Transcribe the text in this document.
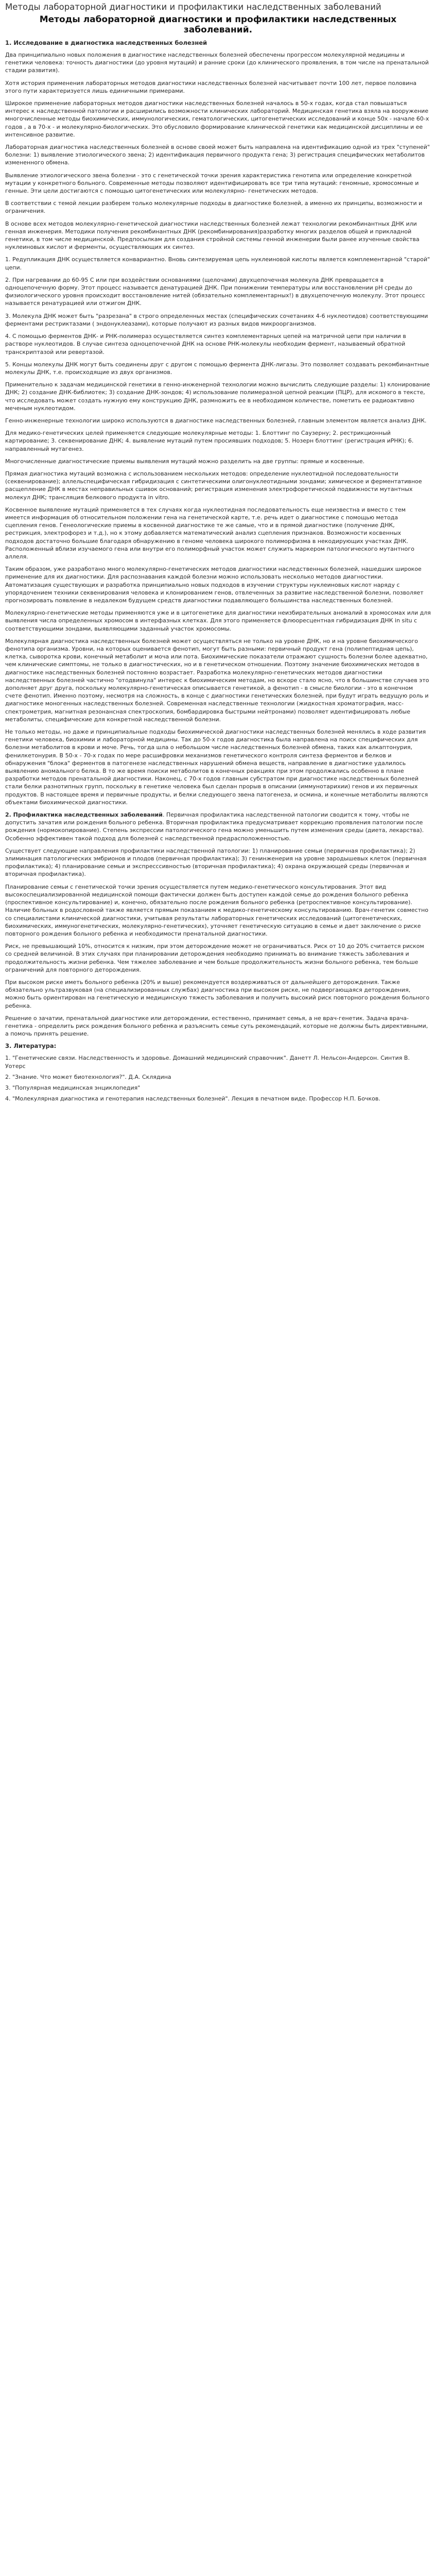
Методы лабораторной диагностики и профилактики наследственных заболеваний
Методы лабораторной диагностики и профилактики наследственных заболеваний.
1. Исследование в диагностика наследственных болезней

Два принципиально новых положения в диагностике наследственных болезней обеспечены прогрессом молекулярной медицины и генетики человека: точность диагностики (до уровня мутаций) и ранние сроки (до клинического проявления, в том числе на пренатальной стадии развития).

Хотя история применения лабораторных методов диагностики наследственных болезней насчитывает почти 100 лет, первое половина этого пути характеризуется лишь единичными примерами.

Широкое применение лабораторных методов диагностики наследственных болезней началось в 50-х годах, когда стал повышаться интерес к наследственной патологии и расширились возможности клинических лабораторий. Медицинская генетика взяла на вооружение многочисленные методы биохимических, иммунологических, гематологических, цитогенетических исследований и конце 50х - начале 60-х годов , а в 70-х - и молекулярно-биологических. Это обусловило формирование клинической генетики как медицинской дисциплины и ее интенсивное развитие.

Лабораторная диагностика наследственных болезней в основе своей может быть направлена на идентификацию одной из трех "ступеней" болезни: 1) выявление этиологического звена; 2) идентификация первичного продукта гена; 3) регистрация специфических метаболитов измененного обмена.

Выявление этиологического звена болезни - это с генетической точки зрения характеристика генотипа или определение конкретной мутации у конкретного больного. Современные методы позволяют идентифицировать все три типа мутаций: геномные, хромосомные и генные. Эти цели достигаются с помощью цитогенетических или молекулярно- генетических методов.

В соответствии с темой лекции разберем только молекулярные подходы в диагностике болезней, а именно их принципы, возможности и ограничения.

В основе всех методов молекулярно-генетической диагностики наследственных болезней лежат технологии рекомбинантных ДНК или генная инженерия. Методики получения рекомбинантных ДНК (рекомбинирования)разработку многих разделов общей и прикладной генетики, в том числе медицинской. Предпосылкам для создания стройной системы генной инженерии были ранее изученные свойства нуклеиновых кислот и ферменты, осуществляющих их синтез.

1. Редупликация ДНК осуществляется конвариантно. Вновь синтезируемая цепь нуклеиновой кислоты является комплементарной "старой" цепи.

2. При нагревании до 60-95 С или при воздействии основаниями (щелочами) двухцепочечная молекула ДНК превращается в одноцепочечную форму. Этот процесс называется денатурацией ДНК. При понижении температуры или восстановлении pH среды до физиологического уровня происходит восстановление нитей (обязательно комплементарных!) в двухцепочечную молекулу. Этот процесс называется ренатурацией или отжигом ДНК.

3. Молекула ДНК может быть "разрезана" в строго определенных местах (специфических сочетаниях 4-6 нуклеотидов) соответствующими ферментами рестриктазами ( эндонуклеазами), которые получают из разных видов микроорганизмов.

4. С помощью ферментов ДНК- и РНК-полимераз осуществляется синтез комплементарных цепей на матричной цепи при наличии в растворе нуклеотидов. В случае синтеза одноцепочечной ДНК на основе РНК-молекулы необходим фермент, называемый обратной транскриптазой или ревертазой.

5. Концы молекулы ДНК могут быть соединены друг с другом с помощью фермента ДНК-лигазы. Это позволяет создавать рекомбинантные молекулы ДНК, т.е. происходящие из двух организмов.

Применительно к задачам медицинской генетики в генно-инженерной технологии можно вычислить следующие разделы: 1) клонирование ДНК; 2) создание ДНК-библиотек; 3) создание ДНК-зондов; 4) использование полимеразной цепной реакции (ПЦР), для искомого в тексте, что исследовать может создать нужную ему конструкцию ДНК, размножить ее в необходимом количестве, пометить ее радиоактивно меченым нуклеотидом.

Генно-инженерные технологии широко используются в диагностике наследственных болезней, главным элементом является анализ ДНК.

Для медико-генетических целей применяется следующие молекулярные методы: 1. Блоттинг по Саузерну; 2. рестрикционный картирование; 3. секвенирование ДНК; 4. выявление мутаций путем просиявших подходов; 5. Нозерн блоттинг (регистрация иРНК); 6. направленный мутагенез.

Многочисленные диагностические приемы выявления мутаций можно разделить на две группы: прямые и косвенные.

Прямая диагностика мутаций возможна с использованием нескольких методов: определение нуклеотидной последовательности (секвенирование); аллельспецифическая гибридизация с синтетическими олигонуклеотидными зондами; химическое и ферментативное расщепление ДНК в местах неправильных сшивок оснований; регистрация изменения электрофоретической подвижности мутантных молекул ДНК; трансляция белкового продукта in vitro.

Косвенное выявление мутаций применяется в тех случаях когда нуклеотидная последовательность еще неизвестна и вместо с тем имеется информация об относительном положении гена на генетической карте, т.е. речь идет о диагностике с помощью метода сцепления генов. Генеологические приемы в косвенной диагностике те же самые, что и в прямой диагностике (получение ДНК, рестрикция, электрофорез и т.д.), но к этому добавляется математический анализ сцепления признаков. Возможности косвенных подходов достаточно большие благодаря обнаружению в геноме человека широкого полиморфизма в некодирующих участках ДНК. Расположенный вблизи изучаемого гена или внутри его полиморфный участок может служить маркером патологического мутантного аллеля.

Таким образом, уже разработано много молекулярно-генетических методов диагностики наследственных болезней, нашедших широкое применение для их диагностики. Для распознавания каждой болезни можно использовать несколько методов диагностики. Автоматизация существующих и разработка принципиально новых подходов в изучении структуры нуклеиновых кислот наряду с упорядочением техники секвенирования человека и клонированием генов, отвлеченных за развитие наследственной болезни, позволяет прогнозировать появление в недалеком будущем средств диагностики подавляющего большинства наследственных болезней.

Молекулярно-генетические методы применяются уже и в цитогенетике для диагностики неизбирательных аномалий в хромосомах или для выявления числа определенных хромосом в интерфазных клетках. Для этого применяется флюоресцентная гибридизация ДНК in situ с соответствующими зондами, выявляющими заданный участок хромосомы.

Молекулярная диагностика наследственных болезней может осуществляться не только на уровне ДНК, но и на уровне биохимического фенотипа организма. Уровни, на которых оценивается фенотип, могут быть разными: первичный продукт гена (полипептидная цепь), клетка, сыворотка крови, конечный метаболит и моча или пота. Биохимические показатели отражают сущность болезни более адекватно, чем клинические симптомы, не только в диагностических, но и в генетическом отношении. Поэтому значение биохимических методов в диагностике наследственных болезней постоянно возрастает. Разработка молекулярно-генетических методов диагностики наследственных болезней частично "отодвинула" интерес к биохимическим методам, но вскоре стало ясно, что в большинстве случаев это дополняет друг друга, поскольку молекулярно-генетическая описывается генетикой, а фенотип - в смысле биологии - это в конечном счете фенотип. Именно поэтому, несмотря на сложность, в конце с диагностики генетических болезней, при будут играть ведущую роль и диагностике моногенных наследственных болезней. Современная наследственные технологии (жидкостная хроматография, масс-спектрометрия, магнитная резонансная спектроскопия, бомбардировка быстрыми нейтронами) позволяет идентифицировать любые метаболиты, специфические для конкретной наследственной болезни.

Не только методы, но даже и принципиальные подходы биохимической диагностики наследственных болезней менялись в ходе развития генетики человека, биохимии и лабораторной медицины. Так до 50-х годов диагностика была направлена на поиск специфических для болезни метаболитов в крови и моче. Речь, тогда шла о небольшом числе наследственных болезней обмена, таких как алкаптонурия, фенилкетонурия. В 50-х - 70-х годах по мере расшифровки механизмов генетического контроля синтеза ферментов и белков и обнаружения "блока" ферментов в патогенезе наследственных нарушений обмена веществ, направление в диагностике удалилось выявлению аномального белка. В то же время поиски метаболитов в конечных реакциях при этом продолжались особенно в плане разработки методов пренатальной диагностики. Наконец, с 70-х годов главным субстратом при диагностике наследственных болезней стали белки разнотипных групп, поскольку в генетике человека был сделан прорыв в описании (иммунотарихии) генов и их первичных продуктов. В настоящее время и первичные продукты, и белки следующего звена патогенеза, и осмина, и конечные метаболиты являются объектами биохимической диагностики.

2. Профилактика наследственных заболеваний. Первичная профилактика наследственной патологии сводится к тому, чтобы не допустить зачатия или рождения больного ребенка. Вторичная профилактика предусматривает коррекцию проявления патологии после рождения (нормокопирование). Степень экспрессии патологического гена можно уменьшить путем изменения среды (диета, лекарства). Особенно эффективен такой подход для болезней с наследственной предрасположенностью.

Существует следующие направления профилактики наследственной патологии: 1) планирование семьи (первичная профилактика); 2) элиминация патологических эмбрионов и плодов (первичная профилактика); 3) генинженерия на уровне зародышевых клеток (первичная профилактика); 4) планирование семьи и экспресссивностью (вторичная профилактика); 4) охрана окружающей среды (первичная и вторичная профилактика).

Планирование семьи с генетической точки зрения осуществляется путем медико-генетического консультирования. Этот вид высокоспециализированной медицинской помощи фактически должен быть доступен каждой семье до рождения больного ребенка (проспективное консультирование) и, конечно, обязательно после рождения больного ребенка (ретроспективное консультирование). Наличие больных в родословной также является прямым показанием к медико-генетическому консультированию. Врач-генетик совместно со специалистами клинической диагностики, учитывая результаты лабораторных генетических исследований (цитогенетических, биохимических, иммуногенетических, молекулярно-генетических), уточняет генетическую ситуацию в семье и дает заключение о риске повторного рождения больного ребенка и необходимости пренатальной диагностики.

Риск, не превышающий 10%, относится к низким, при этом деторождение может не ограничиваться. Риск от 10 до 20% считается риском со средней величиной. В этих случаях при планировании деторождения необходимо принимать во внимание тяжесть заболевания и продолжительность жизни ребенка. Чем тяжелее заболевание и чем больше продолжительность жизни больного ребенка, тем больше ограничений для повторного деторождения.

При высоком риске иметь больного ребенка (20% и выше) рекомендуется воздерживаться от дальнейшего деторождения. Также обязательно ультразвуковая (на специализированных службах) диагностика при высоком риске, не подвергающаяся деторождения, можно быть ориентирован на генетическую и медицинскую тяжесть заболевания и получить высокий риск повторного рождения больного ребенка.

Решение о зачатии, пренатальной диагностике или деторождении, естественно, принимает семья, а не врач-генетик. Задача врача-генетика - определить риск рождения больного ребенка и разъяснить семье суть рекомендаций, которые не должны быть директивными, а помочь принять решение.

3. Литература:

1. "Генетические связи. Наследственность и здоровье. Домашний медицинский справочник". Данетт Л. Нельсон-Андерсон. Синтия В. Уотерс

2. "Знание. Что может биотехнология?". Д.А. Склядина

3. "Популярная медицинская энциклопедия"

4. "Молекулярная диагностика и генотерапия наследственных болезней". Лекция в печатном виде. Профессор Н.П. Бочков.
